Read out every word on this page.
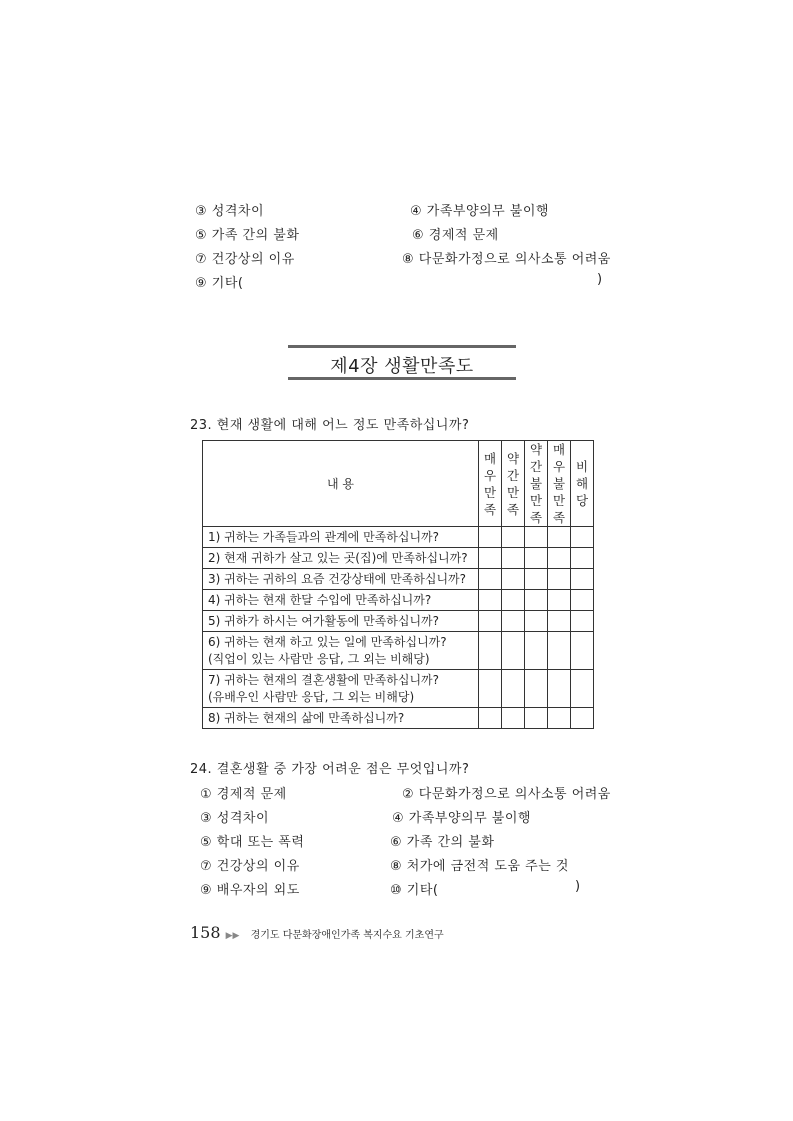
③ 성격차이	④ 가족부양의무 불이행
⑤ 가족 간의 불화	⑥ 경제적 문제
⑦ 건강상의 이유	⑧ 다문화가정으로 의사소통 어려움
⑨ 기타(	)
제4장 생활만족도
23. 현재 생활에 대해 어느 정도 만족하십니까?
내 용	매우만족	약간만족	약간불만족	매우불만족	비해당
1) 귀하는 가족들과의 관계에 만족하십니까?					
2) 현재 귀하가 살고 있는 곳(집)에 만족하십니까?					
3) 귀하는 귀하의 요즘 건강상태에 만족하십니까?					
4) 귀하는 현재 한달 수입에 만족하십니까?					
5) 귀하가 하시는 여가활동에 만족하십니까?					

6) 귀하는 현재 하고 있는 일에 만족하십니까?
(직업이 있는 사람만 응답, 그 외는 비해당)					

7) 귀하는 현재의 결혼생활에 만족하십니까?
(유배우인 사람만 응답, 그 외는 비해당)					

8) 귀하는 현재의 삶에 만족하십니까?					
24. 결혼생활 중 가장 어려운 점은 무엇입니까?
① 경제적 문제	② 다문화가정으로 의사소통 어려움
③ 성격차이	④ 가족부양의무 불이행
⑤ 학대 또는 폭력	⑥ 가족 간의 불화
⑦ 건강상의 이유	⑧ 처가에 금전적 도움 주는 것
⑨ 배우자의 외도	⑩ 기타(	)
158 ▶▶ 경기도 다문화장애인가족 복지수요 기초연구
